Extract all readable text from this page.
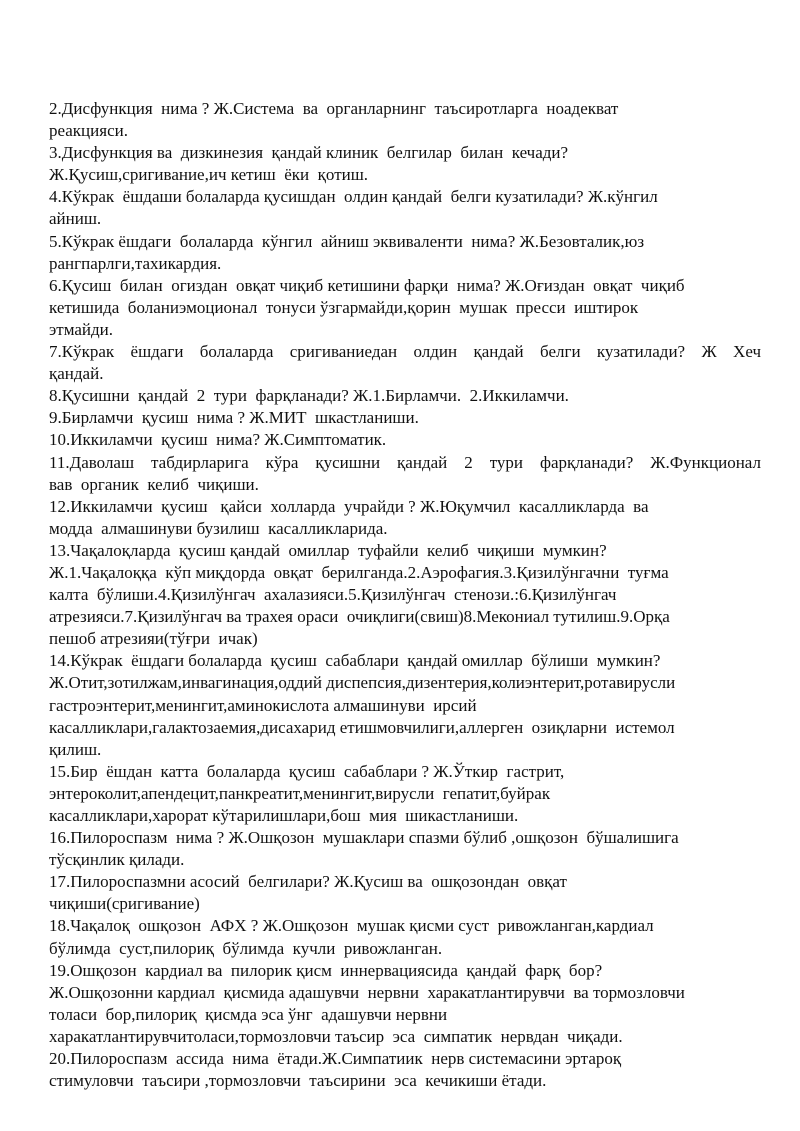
2.Дисфункция  нима ? Ж.Система  ва  органларнинг  таъсиротларга  ноадекват
реакцияси.
3.Дисфункция ва  дизкинезия  қандай клиник  белгилар  билан  кечади?
Ж.Қусиш,сригивание,ич кетиш  ёки  қотиш.
4.Кўкрак  ёшдаши болаларда қусишдан  олдин қандай  белги кузатилади? Ж.кўнгил
айниш.
5.Кўкрак ёшдаги  болаларда  кўнгил  айниш эквиваленти  нима? Ж.Безовталик,юз
рангпарлги,тахикардия.
6.Қусиш  билан  огиздан  овқат чиқиб кетишини фарқи  нима? Ж.Оғиздан  овқат  чиқиб
кетишида  боланиэмоционал  тонуси ўзгармайди,қорин  мушак  пресси  иштирок
этмайди.
7.Кўкрак ёшдаги болаларда сригиваниедан олдин қандай белги кузатилади? Ж Хеч
қандай.
8.Қусишни  қандай  2  тури  фарқланади? Ж.1.Бирламчи.  2.Иккиламчи.
9.Бирламчи  қусиш  нима ? Ж.МИТ  шкастланиши.
10.Иккиламчи  қусиш  нима? Ж.Симптоматик.
11.Даволаш табдирларига кўра қусишни қандай 2 тури фарқланади? Ж.Функционал
вав  органик  келиб  чиқиши.
12.Иккиламчи  қусиш   қайси  холларда  учрайди ? Ж.Юқумчил  касалликларда  ва
модда  алмашинуви бузилиш  касалликларида.
13.Чақалоқларда  қусиш қандай  омиллар  туфайли  келиб  чиқиши  мумкин?
Ж.1.Чақалоққа  кўп миқдорда  овқат  берилганда.2.Аэрофагия.3.Қизилўнгачни  туғма
калта  бўлиши.4.Қизилўнгач  ахалазияси.5.Қизилўнгач  стенози.:6.Қизилўнгач
атрезияси.7.Қизилўнгач ва трахея ораси  очиқлиги(свиш)8.Мекониал тутилиш.9.Орқа
пешоб атрезияи(тўғри  ичак)
14.Кўкрак  ёшдаги болаларда  қусиш  сабаблари  қандай омиллар  бўлиши  мумкин?
Ж.Отит,зотилжам,инвагинация,оддий диспепсия,дизентерия,колиэнтерит,ротавирусли
гастроэнтерит,менингит,аминокислота алмашинуви  ирсий
касалликлари,галактозаемия,дисахарид етишмовчилиги,аллерген  озиқларни  истемол
қилиш.
15.Бир  ёшдан  катта  болаларда  қусиш  сабаблари ? Ж.Ўткир  гастрит,
энтероколит,апендецит,панкреатит,менингит,вирусли  гепатит,буйрак
касалликлари,харорат кўтарилишлари,бош  мия  шикастланиши.
16.Пилороспазм  нима ? Ж.Ошқозон  мушаклари спазми бўлиб ,ошқозон  бўшалишига
тўсқинлик қилади.
17.Пилороспазмни асосий  белгилари? Ж.Қусиш ва  ошқозондан  овқат
чиқиши(сригивание)
18.Чақалоқ  ошқозон  АФХ ? Ж.Ошқозон  мушак қисми суст  ривожланган,кардиал
бўлимда  суст,пилориқ  бўлимда  кучли  ривожланган.
19.Ошқозон  кардиал ва  пилорик қисм  иннервациясида  қандай  фарқ  бор?
Ж.Ошқозонни кардиал  қисмида адашувчи  нервни  харакатлантирувчи  ва тормозловчи
толаси  бор,пилориқ  қисмда эса ўнг  адашувчи нервни
харакатлантирувчитоласи,тормозловчи таъсир  эса  симпатик  нервдан  чиқади.
20.Пилороспазм  ассида  нима  ётади.Ж.Симпатиик  нерв системасини эртароқ
стимуловчи  таъсири ,тормозловчи  таъсирини  эса  кечикиши ётади.
